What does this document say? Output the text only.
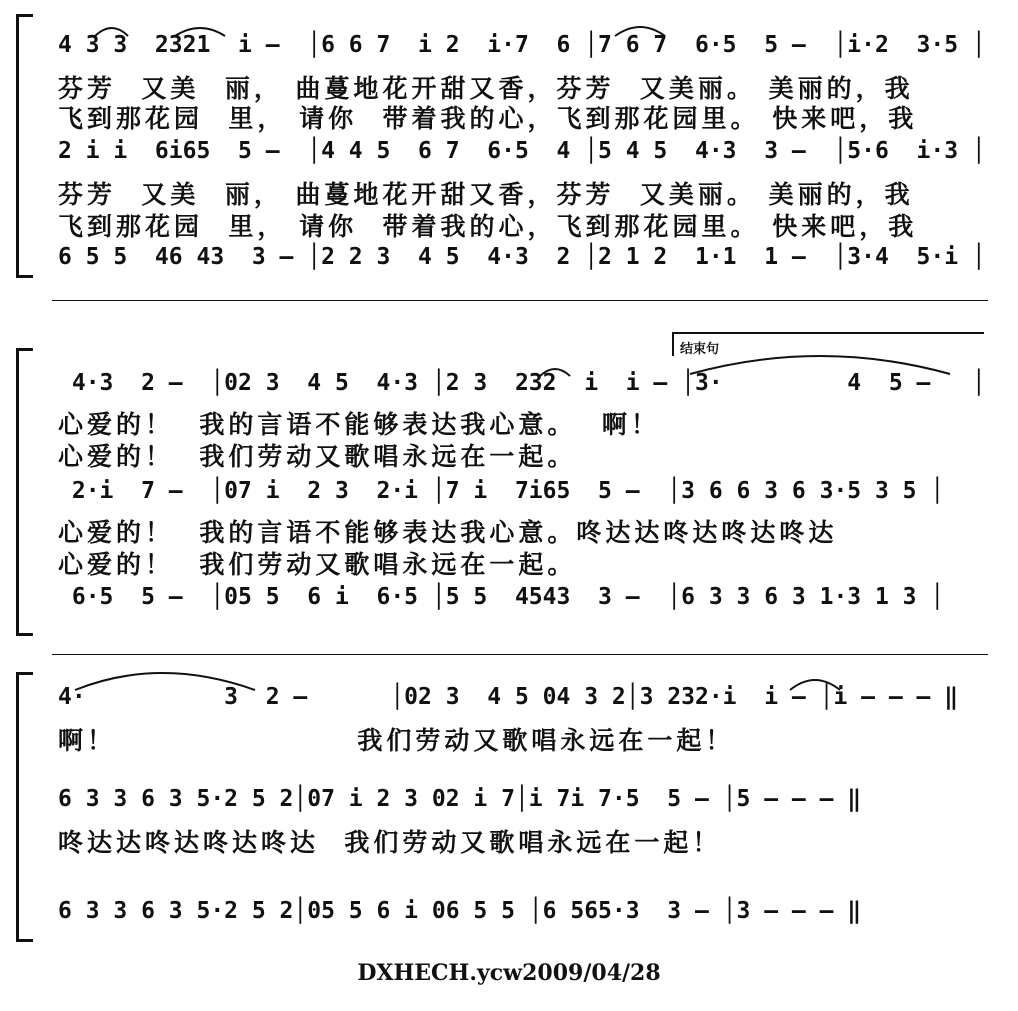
4 3 3  2321  i –  │6 6 7  i 2  i·7  6 │7 6 7  6·5  5 –  │i·2  3·5 │
芬芳  又美  丽， 曲蔓地花开甜又香，芬芳  又美丽。 美丽的，我
飞到那花园  里， 请你  带着我的心，飞到那花园里。 快来吧，我
2 i i  6i65  5 –  │4 4 5  6 7  6·5  4 │5 4 5  4·3  3 –  │5·6  i·3 │
芬芳  又美  丽， 曲蔓地花开甜又香，芬芳  又美丽。 美丽的，我
飞到那花园  里， 请你  带着我的心，飞到那花园里。 快来吧，我
6 5 5  46 43  3 – │2 2 3  4 5  4·3  2 │2 1 2  1·1  1 –  │3·4  5·i │
结束句
4·3  2 –  │02 3  4 5  4·3 │2 3  232  i  i – │3·         4  5 –   │
心爱的！  我的言语不能够表达我心意。  啊！
心爱的！  我们劳动又歌唱永远在一起。
2·i  7 –  │07 i  2 3  2·i │7 i  7i65  5 –  │3 6 6 3 6 3·5 3 5 │
心爱的！  我的言语不能够表达我心意。咚达达咚达咚达咚达
心爱的！  我们劳动又歌唱永远在一起。
6·5  5 –  │05 5  6 i  6·5 │5 5  4543  3 –  │6 3 3 6 3 1·3 1 3 │
4·          3  2 –      │02 3  4 5 04 3 2│3 232·i  i – │i – – – ‖
啊！                   我们劳动又歌唱永远在一起！
6 3 3 6 3 5·2 5 2│07 i 2 3 02 i 7│i 7i 7·5  5 – │5 – – – ‖
咚达达咚达咚达咚达  我们劳动又歌唱永远在一起！
6 3 3 6 3 5·2 5 2│05 5 6 i 06 5 5 │6 565·3  3 – │3 – – – ‖
DXHECH.ycw2009/04/28
